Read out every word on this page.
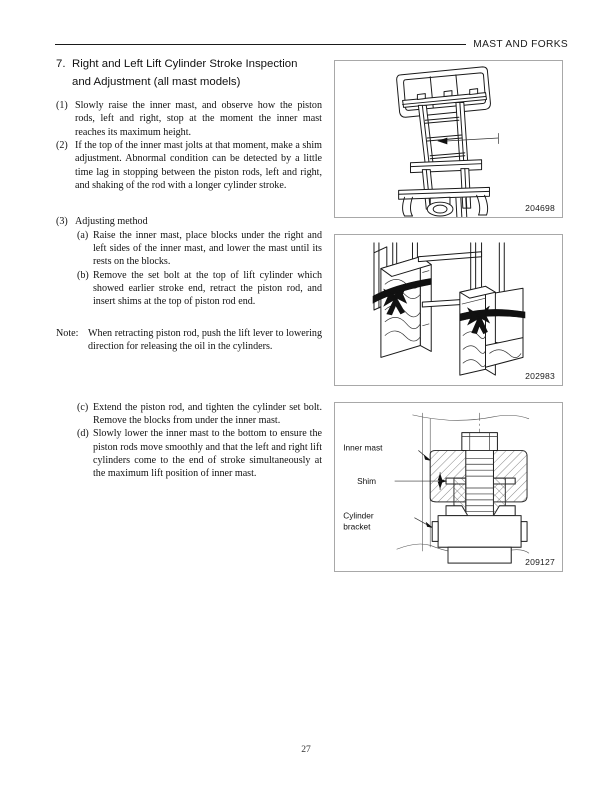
MAST AND FORKS
7. Right and Left Lift Cylinder Stroke Inspection
and Adjustment (all mast models)
(1) Slowly raise the inner mast, and observe how the piston rods, left and right, stop at the moment the inner mast reaches its maximum height.
(2) If the top of the inner mast jolts at that moment, make a shim adjustment. Abnormal condition can be detected by a little time lag in stopping between the piston rods, left and right, and shaking of the rod with a longer cylinder stroke.
(3) Adjusting method
(a) Raise the inner mast, place blocks under the right and left sides of the inner mast, and lower the mast until its rests on the blocks.
(b) Remove the set bolt at the top of lift cylinder which showed earlier stroke end, retract the piston rod, and insert shims at the top of piston rod end.
Note: When retracting piston rod, push the lift lever to lowering direction for releasing the oil in the cylinders.
(c) Extend the piston rod, and tighten the cylinder set bolt. Remove the blocks from under the inner mast.
(d) Slowly lower the inner mast to the bottom to ensure the piston rods move smoothly and that the left and right lift cylinders come to the end of stroke simultaneously at the maximum lift position of inner mast.
204698
202983
Inner mast
Shim
Cylinder
bracket
209127
27
